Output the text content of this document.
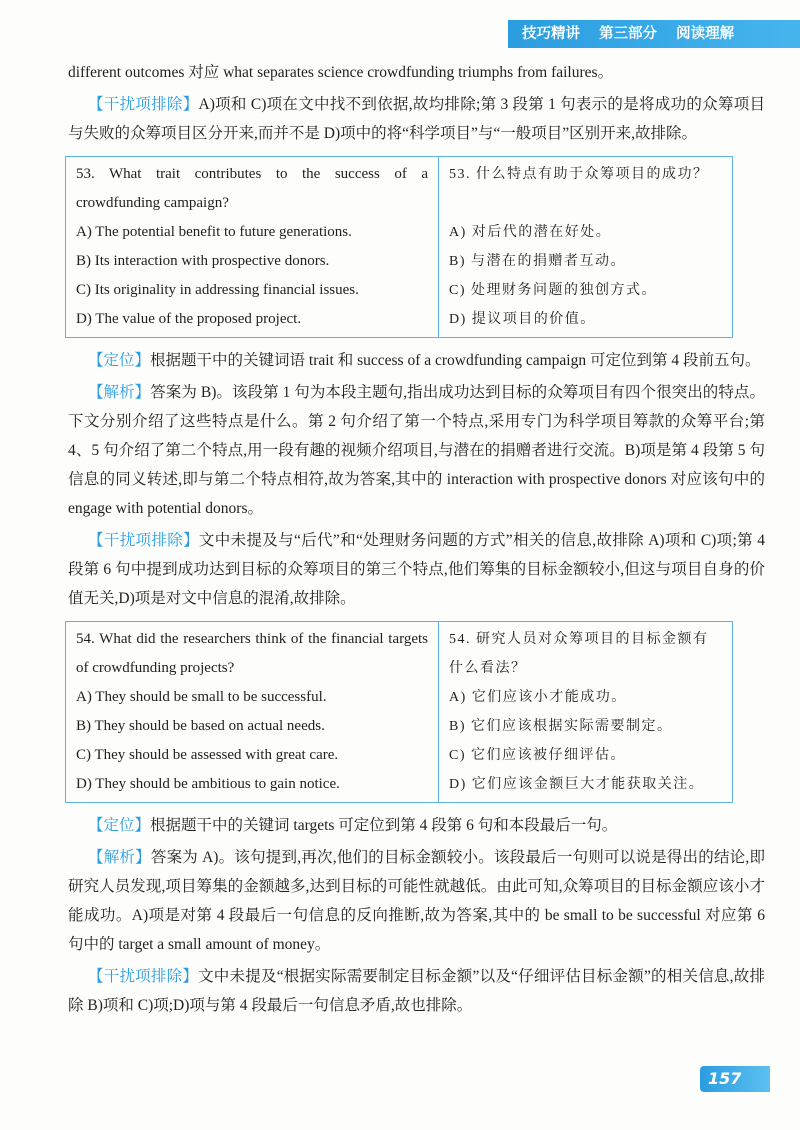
技巧精讲 第三部分 阅读理解

different outcomes 对应 what separates science crowdfunding triumphs from failures。

【干扰项排除】A)项和 C)项在文中找不到依据,故均排除;第 3 段第 1 句表示的是将成功的众筹项目与失败的众筹项目区分开来,而并不是 D)项中的将“科学项目”与“一般项目”区别开来,故排除。

53. What trait contributes to the success of a crowdfunding campaign?	53. 什么特点有助于众筹项目的成功？
A) The potential benefit to future generations.	A) 对后代的潜在好处。
B) Its interaction with prospective donors.	B) 与潜在的捐赠者互动。
C) Its originality in addressing financial issues.	C) 处理财务问题的独创方式。
D) The value of the proposed project.	D) 提议项目的价值。

【定位】根据题干中的关键词语 trait 和 success of a crowdfunding campaign 可定位到第 4 段前五句。

【解析】答案为 B)。该段第 1 句为本段主题句,指出成功达到目标的众筹项目有四个很突出的特点。下文分别介绍了这些特点是什么。第 2 句介绍了第一个特点,采用专门为科学项目筹款的众筹平台;第 4、5 句介绍了第二个特点,用一段有趣的视频介绍项目,与潜在的捐赠者进行交流。B)项是第 4 段第 5 句信息的同义转述,即与第二个特点相符,故为答案,其中的 interaction with prospective donors 对应该句中的 engage with potential donors。

【干扰项排除】文中未提及与“后代”和“处理财务问题的方式”相关的信息,故排除 A)项和 C)项;第 4 段第 6 句中提到成功达到目标的众筹项目的第三个特点,他们筹集的目标金额较小,但这与项目自身的价值无关,D)项是对文中信息的混淆,故排除。

54. What did the researchers think of the financial targets of crowdfunding projects?	54. 研究人员对众筹项目的目标金额有什么看法？
A) They should be small to be successful.	A) 它们应该小才能成功。
B) They should be based on actual needs.	B) 它们应该根据实际需要制定。
C) They should be assessed with great care.	C) 它们应该被仔细评估。
D) They should be ambitious to gain notice.	D) 它们应该金额巨大才能获取关注。

【定位】根据题干中的关键词 targets 可定位到第 4 段第 6 句和本段最后一句。

【解析】答案为 A)。该句提到,再次,他们的目标金额较小。该段最后一句则可以说是得出的结论,即研究人员发现,项目筹集的金额越多,达到目标的可能性就越低。由此可知,众筹项目的目标金额应该小才能成功。A)项是对第 4 段最后一句信息的反向推断,故为答案,其中的 be small to be successful 对应第 6 句中的 target a small amount of money。

【干扰项排除】文中未提及“根据实际需要制定目标金额”以及“仔细评估目标金额”的相关信息,故排除 B)项和 C)项;D)项与第 4 段最后一句信息矛盾,故也排除。

157
